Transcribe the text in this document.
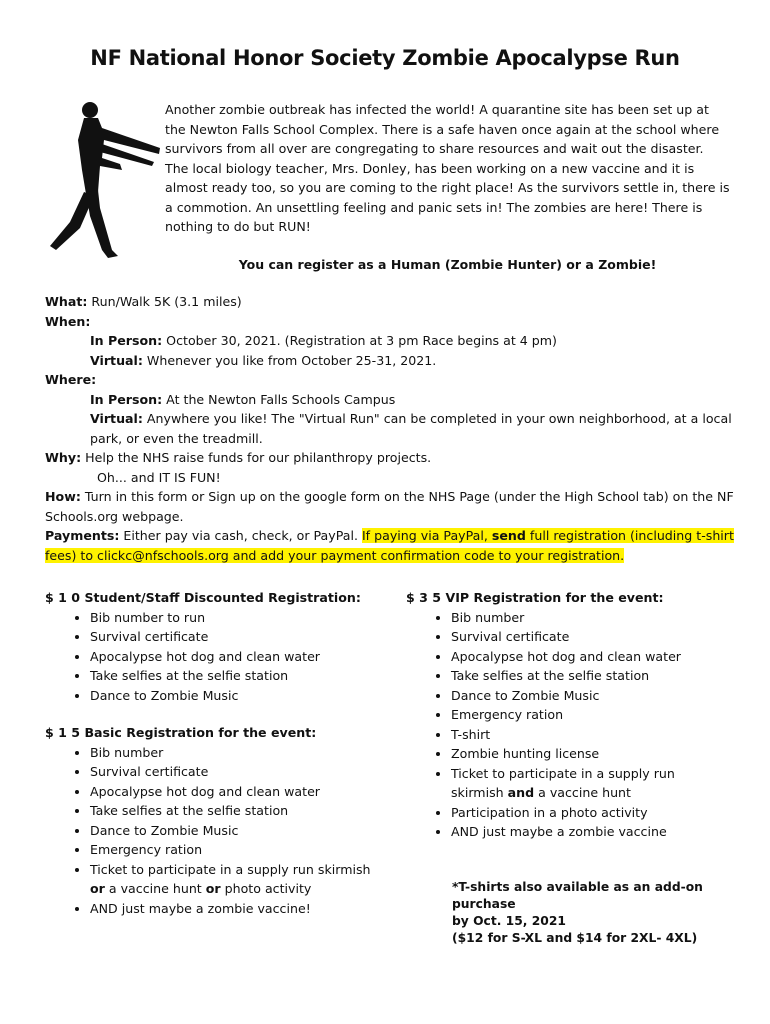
NF National Honor Society Zombie Apocalypse Run
Another zombie outbreak has infected the world! A quarantine site has been set up at the Newton Falls School Complex. There is a safe haven once again at the school where survivors from all over are congregating to share resources and wait out the disaster. The local biology teacher, Mrs. Donley, has been working on a new vaccine and it is almost ready too, so you are coming to the right place! As the survivors settle in, there is a commotion. An unsettling feeling and panic sets in! The zombies are here! There is nothing to do but RUN!
You can register as a Human (Zombie Hunter) or a Zombie!

What: Run/Walk 5K (3.1 miles)

When:

In Person: October 30, 2021. (Registration at 3 pm Race begins at 4 pm)

Virtual: Whenever you like from October 25-31, 2021.

Where:

In Person: At the Newton Falls Schools Campus

Virtual: Anywhere you like! The "Virtual Run" can be completed in your own neighborhood, at a local park, or even the treadmill.

Why: Help the NHS raise funds for our philanthropy projects.

Oh... and IT IS FUN!

How: Turn in this form or Sign up on the google form on the NHS Page (under the High School tab) on the NF Schools.org webpage.

Payments: Either pay via cash, check, or PayPal. If paying via PayPal, send full registration (including t-shirt fees) to clickc@nfschools.org and add your payment confirmation code to your registration.

$ 1 0 Student/Staff Discounted Registration:
• Bib number to run
• Survival certificate
• Apocalypse hot dog and clean water
• Take selfies at the selfie station
• Dance to Zombie Music
$ 1 5 Basic Registration for the event:
• Bib number
• Survival certificate
• Apocalypse hot dog and clean water
• Take selfies at the selfie station
• Dance to Zombie Music
• Emergency ration
• Ticket to participate in a supply run skirmish or a vaccine hunt or photo activity
• AND just maybe a zombie vaccine!
$ 3 5 VIP Registration for the event:
• Bib number
• Survival certificate
• Apocalypse hot dog and clean water
• Take selfies at the selfie station
• Dance to Zombie Music
• Emergency ration
• T-shirt
• Zombie hunting license
• Ticket to participate in a supply run skirmish and a vaccine hunt
• Participation in a photo activity
• AND just maybe a zombie vaccine

*T-shirts also available as an add-on purchase

by Oct. 15, 2021

($12 for S-XL and $14 for 2XL- 4XL)
